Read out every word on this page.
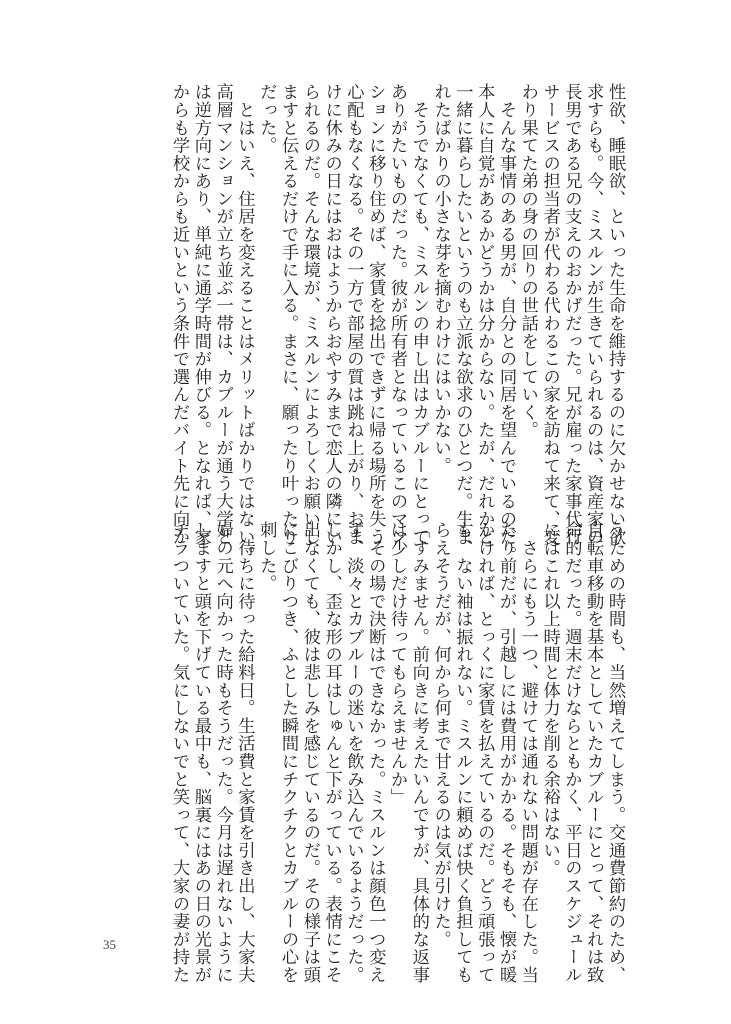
性欲、睡眠欲、といった生命を維持するのに欠かせない欲
求すらも。今、ミスルンが生きていられるのは、資産家の
長男である兄の支えのおかげだった。兄が雇った家事代行
サービスの担当者が代わる代わるこの家を訪ねて来て、変
わり果てた弟の身の回りの世話をしていく。
　そんな事情のある男が、自分との同居を望んでいるのだ。
本人に自覚があるかどうかは分からない。たが、だれかと
一緒に暮らしたいというのも立派な欲求のひとつだ。生ま
れたばかりの小さな芽を摘むわけにはいかない。
　そうでなくても、ミスルンの申し出はカブルーにとって
ありがたいものだった。彼が所有者となっているこのマン
ションに移り住めば、家賃を捻出できずに帰る場所を失う
心配もなくなる。その一方で部屋の質は跳ね上がり、おま
けに休みの日にはおはようからおやすみまで恋人の隣にい
られるのだ。そんな環境が、ミスルンによろしくお願いし
ますと伝えるだけで手に入る。まさに、願ったり叶ったり
だった。
　とはいえ、住居を変えることはメリットばかりではない。
高層マンションが立ち並ぶ一帯は、カブルーが通う大学と
は逆方向にあり、単純に通学時間が伸びる。となれば、家
からも学校からも近いという条件で選んだバイト先に向か
うための時間も、当然増えてしまう。交通費節約のため、
自転車移動を基本としていたカブルーにとって、それは致
命的だった。週末だけならともかく、平日のスケジュール
にはこれ以上時間と体力を削る余裕はない。
　さらにもう一つ、避けては通れない問題が存在した。当
たり前だが、引越しには費用がかかる。そもそも、懐が暖
かければ、とっくに家賃を払えているのだ。どう頑張って
も、ない袖は振れない。ミスルンに頼めば快く負担しても
らえそうだが、何から何まで甘えるのは気が引けた。
「すみません。前向きに考えたいんですが、具体的な返事
は少しだけ待ってもらえませんか」
　その場で決断はできなかった。ミスルンは顔色一つ変え
ず、淡々とカブルーの迷いを飲み込んでいるようだった。
しかし、歪な形の耳はしゅんと下がっている。表情にこそ
出なくても、彼は悲しみを感じているのだ。その様子は頭
にこびりつき、ふとした瞬間にチクチクとカブルーの心を
刺した。
　待ちに待った給料日。生活費と家賃を引き出し、大家夫
婦の元へ向かった時もそうだった。今月は遅れないように
しますと頭を下げている最中も、脳裏にはあの日の光景が
チラついていた。気にしないでと笑って、大家の妻が持た
35
